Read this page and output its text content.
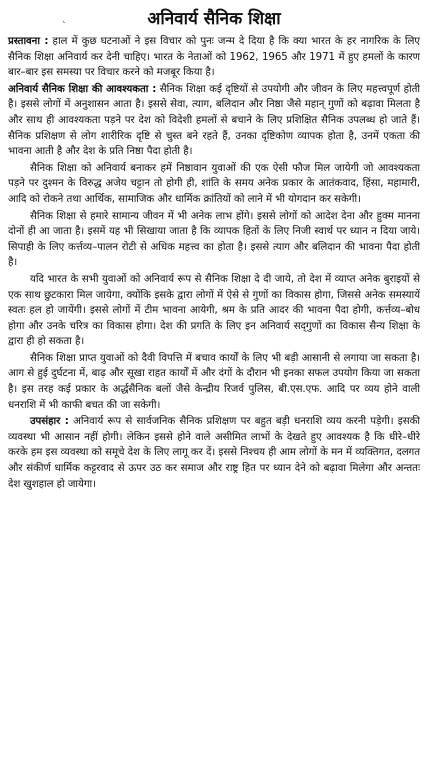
ˎ	अनिवार्य सैनिक शिक्षा

प्रस्तावना : हाल में कुछ घटनाओं ने इस विचार को पुनः जन्म दे दिया है कि क्या भारत के हर नागरिक के लिए सैनिक शिक्षा अनिवार्य कर देनी चाहिए। भारत के नेताओं को 1962, 1965 और 1971 में हुए हमलों के कारण बार–बार इस समस्या पर विचार करने को मजबूर किया है।

अनिवार्य सैनिक शिक्षा की आवश्यकता : सैनिक शिक्षा कई दृष्टियों से उपयोगी और जीवन के लिए महत्त्वपूर्ण होती है। इससे लोगों में अनुशासन आता है। इससे सेवा, त्याग, बलिदान और निष्ठा जैसे महान् गुणों को बढ़ावा मिलता है और साथ ही आवश्यकता पड़ने पर देश को विदेशी हमलों से बचाने के लिए प्रशिक्षित सैनिक उपलब्ध हो जाते हैं। सैनिक प्रशिक्षण से लोग शारीरिक दृष्टि से चुस्त बने रहते हैं, उनका दृष्टिकोण व्यापक होता है, उनमें एकता की भावना आती है और देश के प्रति निष्ठा पैदा होती है।

सैनिक शिक्षा को अनिवार्य बनाकर हमें निष्ठावान युवाओं की एक ऐसी फौज मिल जायेगी जो आवश्यकता पड़ने पर दुश्मन के विरुद्ध अजेय चट्टान तो होगी ही, शांति के समय अनेक प्रकार के आतंकवाद, हिंसा, महामारी, आदि को रोकने तथा आर्थिक, सामाजिक और धार्मिक क्रांतियों को लाने में भी योगदान कर सकेगी।

सैनिक शिक्षा से हमारे सामान्य जीवन में भी अनेक लाभ होंगे। इससे लोगों को आदेश देना और हुक्म मानना दोनों ही आ जाता है। इसमें यह भी सिखाया जाता है कि व्यापक हितों के लिए निजी स्वार्थ पर ध्यान न दिया जाये। सिपाही के लिए कर्त्तव्य–पालन रोटी से अधिक महत्त्व का होता है। इससे त्याग और बलिदान की भावना पैदा होती है।

यदि भारत के सभी युवाओं को अनिवार्य रूप से सैनिक शिक्षा दे दी जाये, तो देश में व्याप्त अनेक बुराइयों से एक साथ छुटकारा मिल जायेगा, क्योंकि इसके द्वारा लोगों में ऐसे से गुणों का विकास होगा, जिससे अनेक समस्यायें स्वतः हल हो जायेंगी। इससे लोगों में टीम भावना आयेगी, श्रम के प्रति आदर की भावना पैदा होगी, कर्त्तव्य–बोध होगा और उनके चरित्र का विकास होगा। देश की प्रगति के लिए इन अनिवार्य सद्‌गुणों का विकास सैन्य शिक्षा के द्वारा ही हो सकता है।

सैनिक शिक्षा प्राप्त युवाओं को दैवी विपत्ति में बचाव कार्यों के लिए भी बड़ी आसानी से लगाया जा सकता है। आग से हुई दुर्घटना में, बाढ़ और सूखा राहत कार्यों में और दंगों के दौरान भी इनका सफल उपयोग किया जा सकता है। इस तरह कई प्रकार के अर्द्धसैनिक बलों जैसे केन्द्रीय रिजर्व पुलिस, बी.एस.एफ. आदि पर व्यय होने वाली धनराशि में भी काफी बचत की जा सकेगी।

उपसंहार : अनिवार्य रूप से सार्वजनिक सैनिक प्रशिक्षण पर बहुत बड़ी धनराशि व्यय करनी पड़ेगी। इसकी व्यवस्था भी आसान नहीं होगी। लेकिन इससे होने वाले असीमित लाभों के देखते हुए आवश्यक है कि धीरे–धीरे करके हम इस व्यवस्था को समूचे देश के लिए लागू कर दें। इससे निश्चय ही आम लोगों के मन में व्यक्तिगत, दलगत और संकीर्ण धार्मिक कट्टरवाद से ऊपर उठ कर समाज और राष्ट्र हित पर ध्यान देने को बढ़ावा मिलेगा और अन्ततः देश खुशहाल हो जायेगा।
